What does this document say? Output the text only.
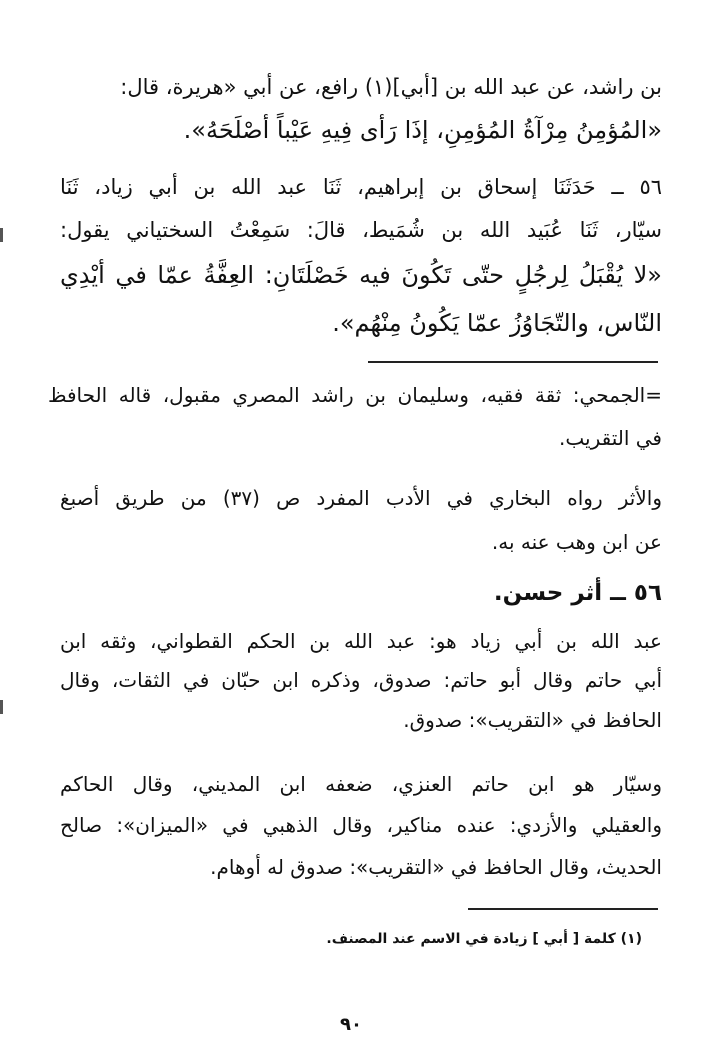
بن راشد، عن عبد الله بن [أبي](١) رافع، عن أبي «هريرة، قال:
«المُؤمِنُ مِرْآةُ المُؤمِنِ، إذَا رَأى فِيهِ عَيْباً أصْلَحَهُ».
٥٦ ــ حَدَثَنَا إسحاق بن إبراهيم، ثَنَا عبد الله بن أبي زياد، ثَنَا
سيّار، ثَنَا عُبَيد الله بن شُمَيط، قالَ: سَمِعْتُ السختياني يقول:
«لا يُقْبَلُ لِرجُلٍ حتّى تَكُونَ فيه خَصْلَتَانِ: العِفَّةُ عمّا في أيْدِي
النّاس، والتّجَاوُزُ عمّا يَكُونُ مِنْهُم».
=الجمحي: ثقة فقيه، وسليمان بن راشد المصري مقبول، قاله الحافظ
في التقريب.
والأثر رواه البخاري في الأدب المفرد ص (٣٧) من طريق أصبغ
عن ابن وهب عنه به.
٥٦ ــ أثر حسن.
عبد الله بن أبي زياد هو: عبد الله بن الحكم القطواني، وثقه ابن
أبي حاتم وقال أبو حاتم: صدوق، وذكره ابن حبّان في الثقات، وقال
الحافظ في «التقريب»: صدوق.
وسيّار هو ابن حاتم العنزي، ضعفه ابن المديني، وقال الحاكم
والعقيلي والأزدي: عنده مناكير، وقال الذهبي في «الميزان»: صالح
الحديث، وقال الحافظ في «التقريب»: صدوق له أوهام.
(١) كلمة [ أبي ] زيادة في الاسم عند المصنف.
٩٠
